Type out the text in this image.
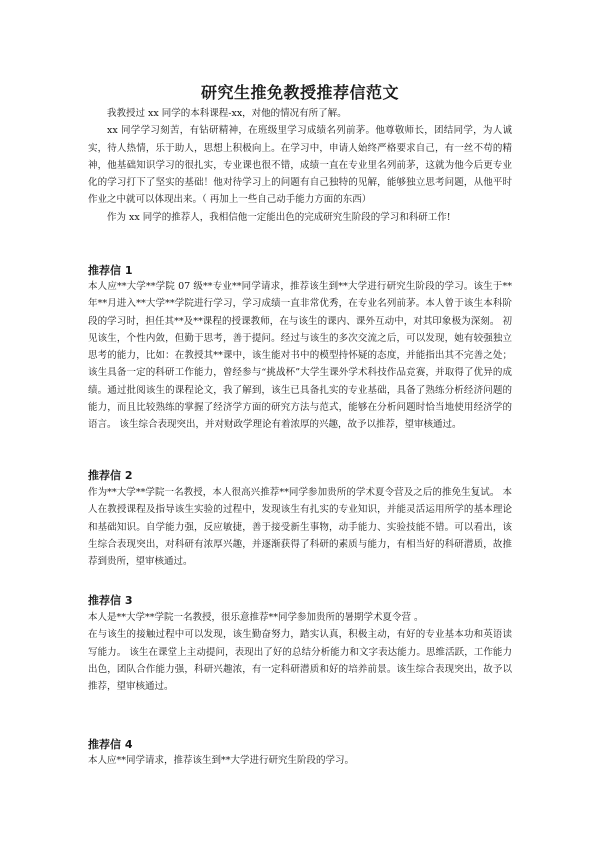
研究生推免教授推荐信范文

我教授过 xx 同学的本科课程-xx，对他的情况有所了解。

xx 同学学习刻苦，有钻研精神，在班级里学习成绩名列前茅。他尊敬师长，团结同学，为人诚实，待人热情，乐于助人，思想上积极向上。在学习中，申请人始终严格要求自己，有一丝不苟的精神，他基础知识学习的很扎实，专业课也很不错，成绩一直在专业里名列前茅，这就为他今后更专业化的学习打下了坚实的基础！他对待学习上的问题有自己独特的见解，能够独立思考问题，从他平时作业之中就可以体现出来。（ 再加上一些自己动手能力方面的东西）

作为 xx 同学的推荐人，我相信他一定能出色的完成研究生阶段的学习和科研工作!

推荐信 1

本人应**大学**学院 07 级**专业**同学请求，推荐该生到**大学进行研究生阶段的学习。该生于**年**月进入**大学**学院进行学习，学习成绩一直非常优秀，在专业名列前茅。本人曾于该生本科阶段的学习时，担任其**及**课程的授课教师，在与该生的课内、课外互动中，对其印象极为深刻。 初见该生，个性内敛，但勤于思考，善于提问。经过与该生的多次交流之后，可以发现，她有较强独立思考的能力，比如：在教授其**课中，该生能对书中的模型持怀疑的态度，并能指出其不完善之处；该生具备一定的科研工作能力，曾经参与“挑战杯”大学生课外学术科技作品竞赛，并取得了优异的成绩。通过批阅该生的课程论文，我了解到，该生已具备扎实的专业基础，具备了熟练分析经济问题的能力，而且比较熟练的掌握了经济学方面的研究方法与范式，能够在分析问题时恰当地使用经济学的语言。 该生综合表现突出，并对财政学理论有着浓厚的兴趣，故予以推荐，望审核通过。

推荐信 2

作为**大学**学院一名教授，本人很高兴推荐**同学参加贵所的学术夏令营及之后的推免生复试。 本人在教授课程及指导该生实验的过程中，发现该生有扎实的专业知识，并能灵活运用所学的基本理论和基础知识。自学能力强，反应敏捷，善于接受新生事物，动手能力、实验技能不错。可以看出，该生综合表现突出，对科研有浓厚兴趣，并逐渐获得了科研的素质与能力，有相当好的科研潜质，故推荐到贵所，望审核通过。

推荐信 3

本人是**大学**学院一名教授，很乐意推荐**同学参加贵所的暑期学术夏令营 。

在与该生的接触过程中可以发现，该生勤奋努力，踏实认真，积极主动，有好的专业基本功和英语读写能力。 该生在课堂上主动提问，表现出了好的总结分析能力和文字表达能力。思维活跃，工作能力出色，团队合作能力强，科研兴趣浓，有一定科研潜质和好的培养前景。该生综合表现突出，故予以推荐，望审核通过。

推荐信 4

本人应**同学请求，推荐该生到**大学进行研究生阶段的学习。
